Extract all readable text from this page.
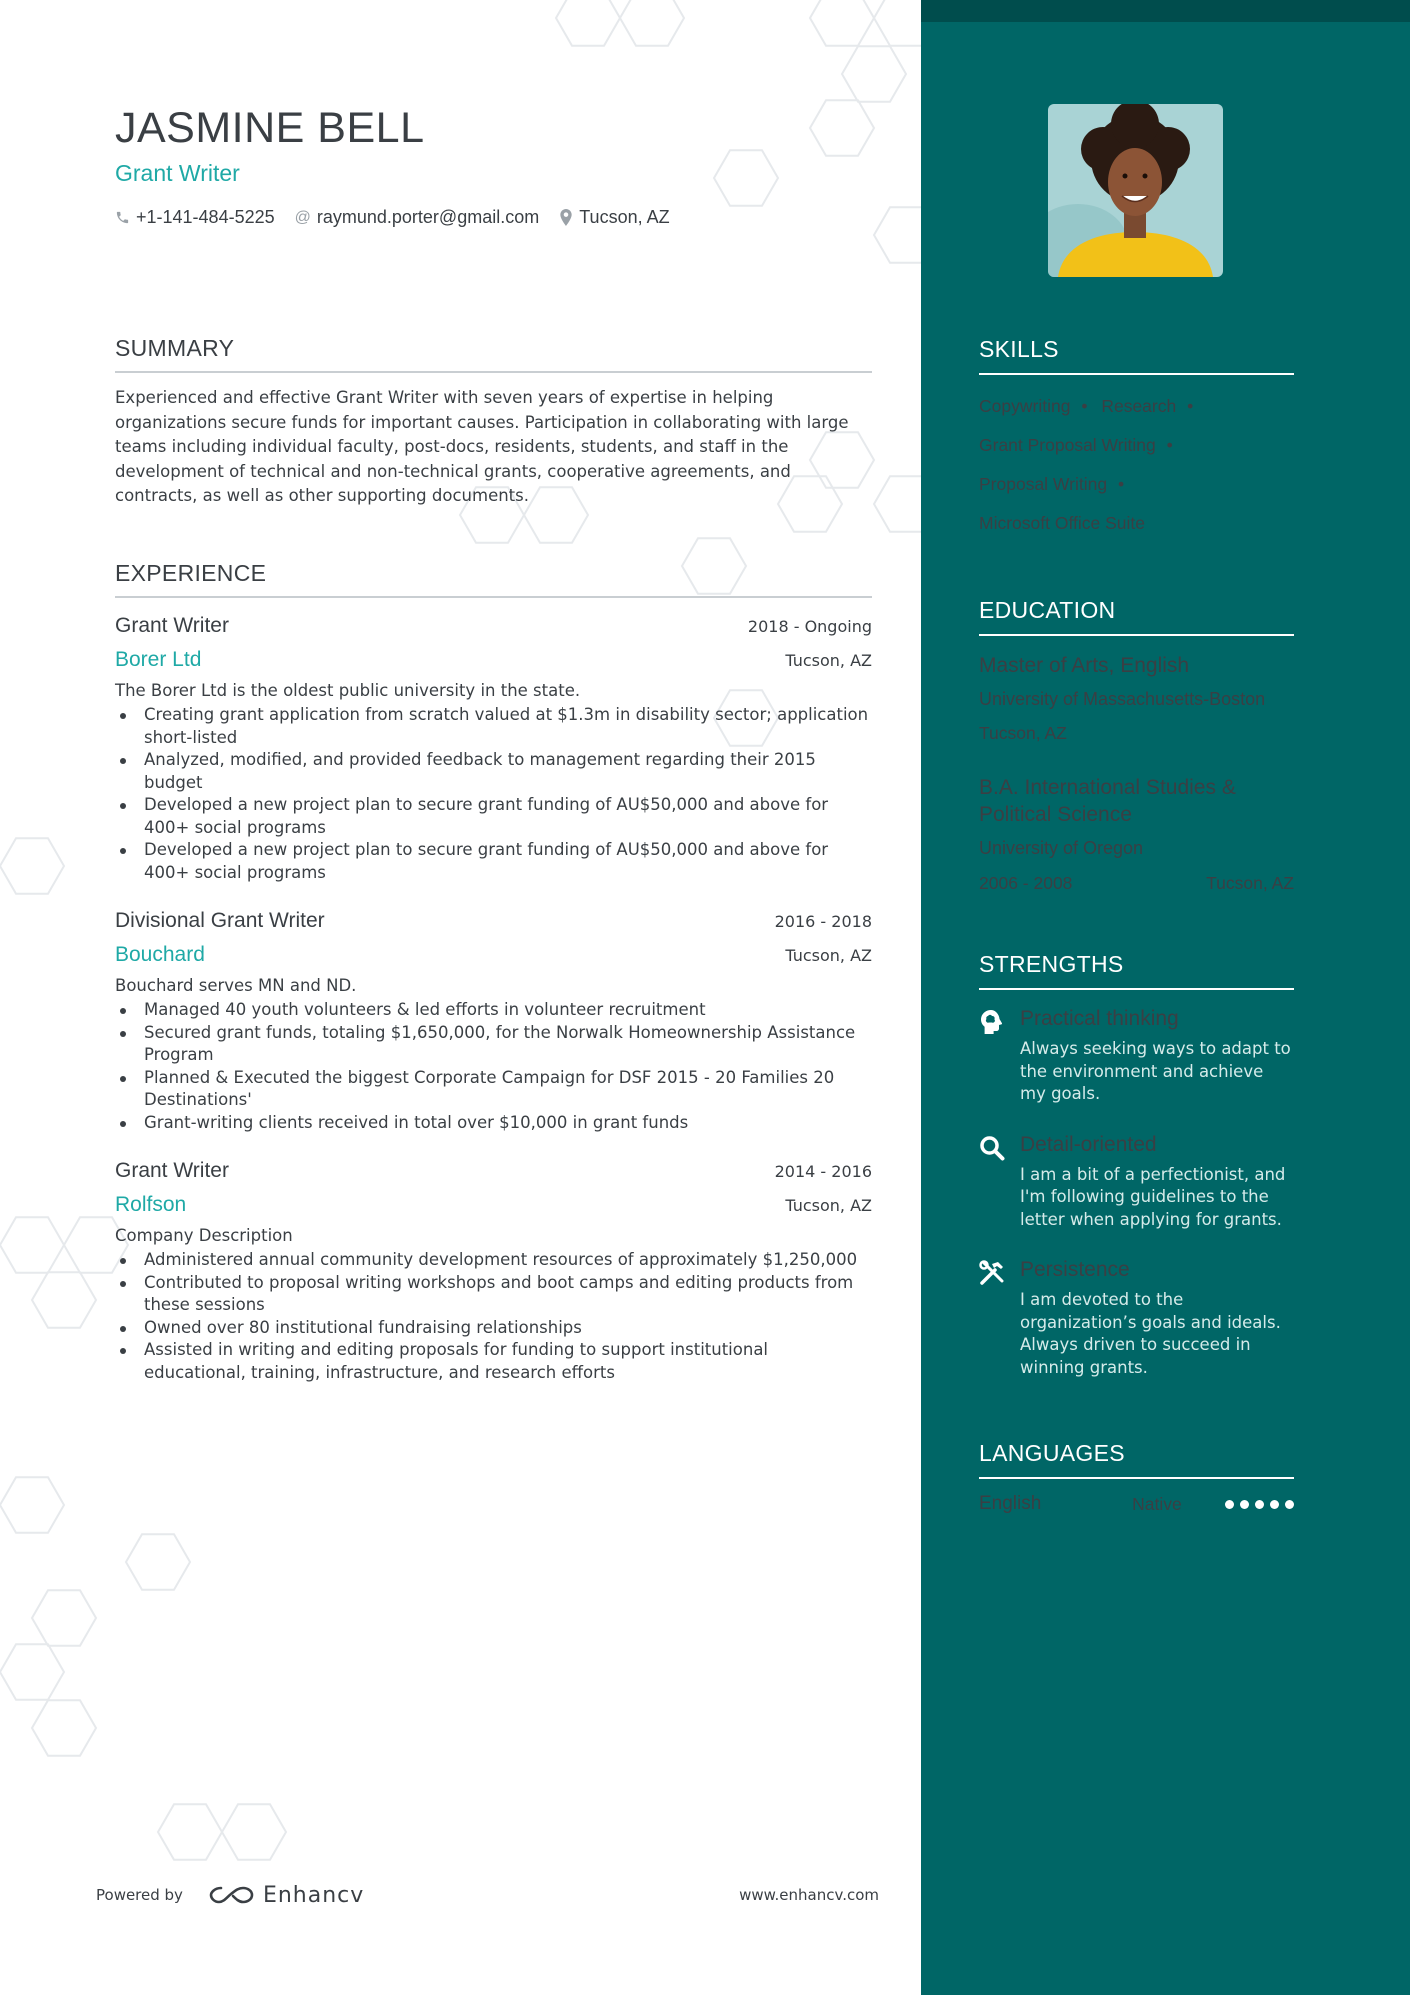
JASMINE BELL
Grant Writer
+1-141-484-5225 @ raymund.porter@gmail.com Tucson, AZ
SUMMARY
Experienced and effective Grant Writer with seven years of expertise in helping organizations secure funds for important causes. Participation in collaborating with large teams including individual faculty, post-docs, residents, students, and staff in the development of technical and non-technical grants, cooperative agreements, and contracts, as well as other supporting documents.
EXPERIENCE
Grant Writer	2018 - Ongoing
Borer Ltd	Tucson, AZ
The Borer Ltd is the oldest public university in the state.
Creating grant application from scratch valued at $1.3m in disability sector; application short-listed
Analyzed, modified, and provided feedback to management regarding their 2015 budget
Developed a new project plan to secure grant funding of AU$50,000 and above for 400+ social programs
Developed a new project plan to secure grant funding of AU$50,000 and above for 400+ social programs
Divisional Grant Writer	2016 - 2018
Bouchard	Tucson, AZ
Bouchard serves MN and ND.
Managed 40 youth volunteers & led efforts in volunteer recruitment
Secured grant funds, totaling $1,650,000, for the Norwalk Homeownership Assistance Program
Planned & Executed the biggest Corporate Campaign for DSF 2015 - 20 Families 20 Destinations'
Grant-writing clients received in total over $10,000 in grant funds
Grant Writer	2014 - 2016
Rolfson	Tucson, AZ
Company Description
Administered annual community development resources of approximately $1,250,000
Contributed to proposal writing workshops and boot camps and editing products from these sessions
Owned over 80 institutional fundraising relationships
Assisted in writing and editing proposals for funding to support institutional educational, training, infrastructure, and research efforts
Powered by	Enhancv	www.enhancv.com
SKILLS
Copywriting • Research •
Grant Proposal Writing •
Proposal Writing •
Microsoft Office Suite
EDUCATION
Master of Arts, English
University of Massachusetts-Boston
Tucson, AZ
B.A. International Studies & Political Science
University of Oregon
2006 - 2008	Tucson, AZ
STRENGTHS
Practical thinking
Always seeking ways to adapt to the environment and achieve my goals.
Detail-oriented
I am a bit of a perfectionist, and I'm following guidelines to the letter when applying for grants.
Persistence
I am devoted to the organization’s goals and ideals. Always driven to succeed in winning grants.
LANGUAGES
English	Native
